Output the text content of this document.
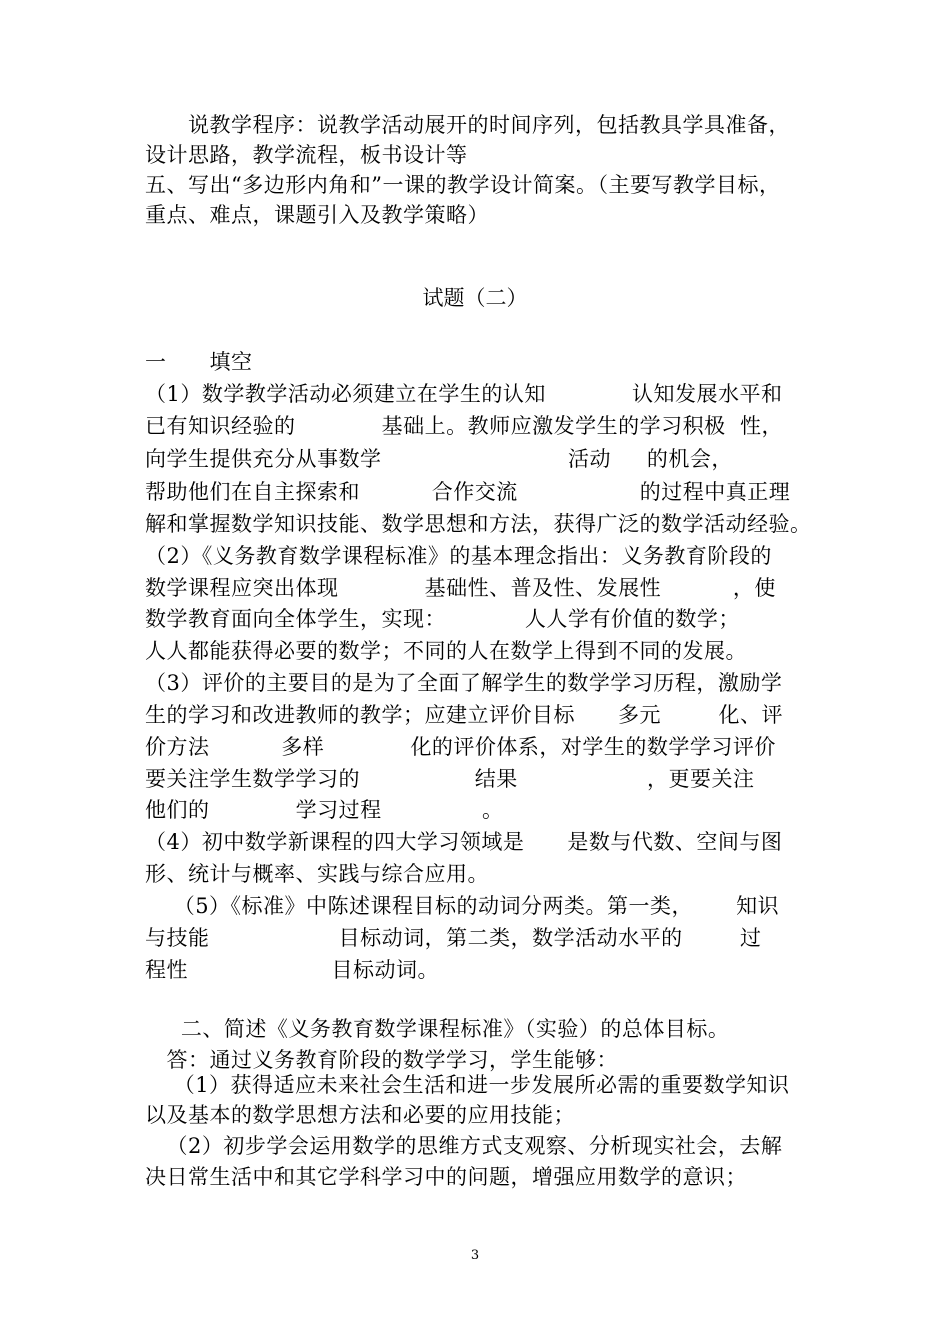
说教学程序：说教学活动展开的时间序列，包括教具学具准备，
设计思路，教学流程，板书设计等
五、写出“多边形内角和”一课的教学设计简案。（主要写教学目标，
重点、难点，课题引入及教学策略）
试题（二）
一      填空
（1）数学教学活动必须建立在学生的认知            认知发展水平和
已有知识经验的            基础上。教师应激发学生的学习积极  性，
向学生提供充分从事数学                          活动     的机会，
帮助他们在自主探索和          合作交流                 的过程中真正理
解和掌握数学知识技能、数学思想和方法，获得广泛的数学活动经验。
（2）《义务教育数学课程标准》的基本理念指出：义务教育阶段的
数学课程应突出体现            基础性、普及性、发展性          ，使
数学教育面向全体学生，实现：           人人学有价值的数学；
人人都能获得必要的数学；不同的人在数学上得到不同的发展。
（3）评价的主要目的是为了全面了解学生的数学学习历程，激励学
生的学习和改进教师的教学；应建立评价目标      多元        化、评
价方法          多样            化的评价体系，对学生的数学学习评价
要关注学生数学学习的                结果                  ，更要关注
他们的            学习过程              。
（4）初中数学新课程的四大学习领域是      是数与代数、空间与图
形、统计与概率、实践与综合应用。
（5）《标准》中陈述课程目标的动词分两类。第一类，      知识
与技能                  目标动词，第二类，数学活动水平的        过
程性                    目标动词。
二、简述《义务教育数学课程标准》（实验）的总体目标。
答：通过义务教育阶段的数学学习，学生能够：
（1）获得适应未来社会生活和进一步发展所必需的重要数学知识
以及基本的数学思想方法和必要的应用技能；
（2）初步学会运用数学的思维方式支观察、分析现实社会，去解
决日常生活中和其它学科学习中的问题，增强应用数学的意识；
3
